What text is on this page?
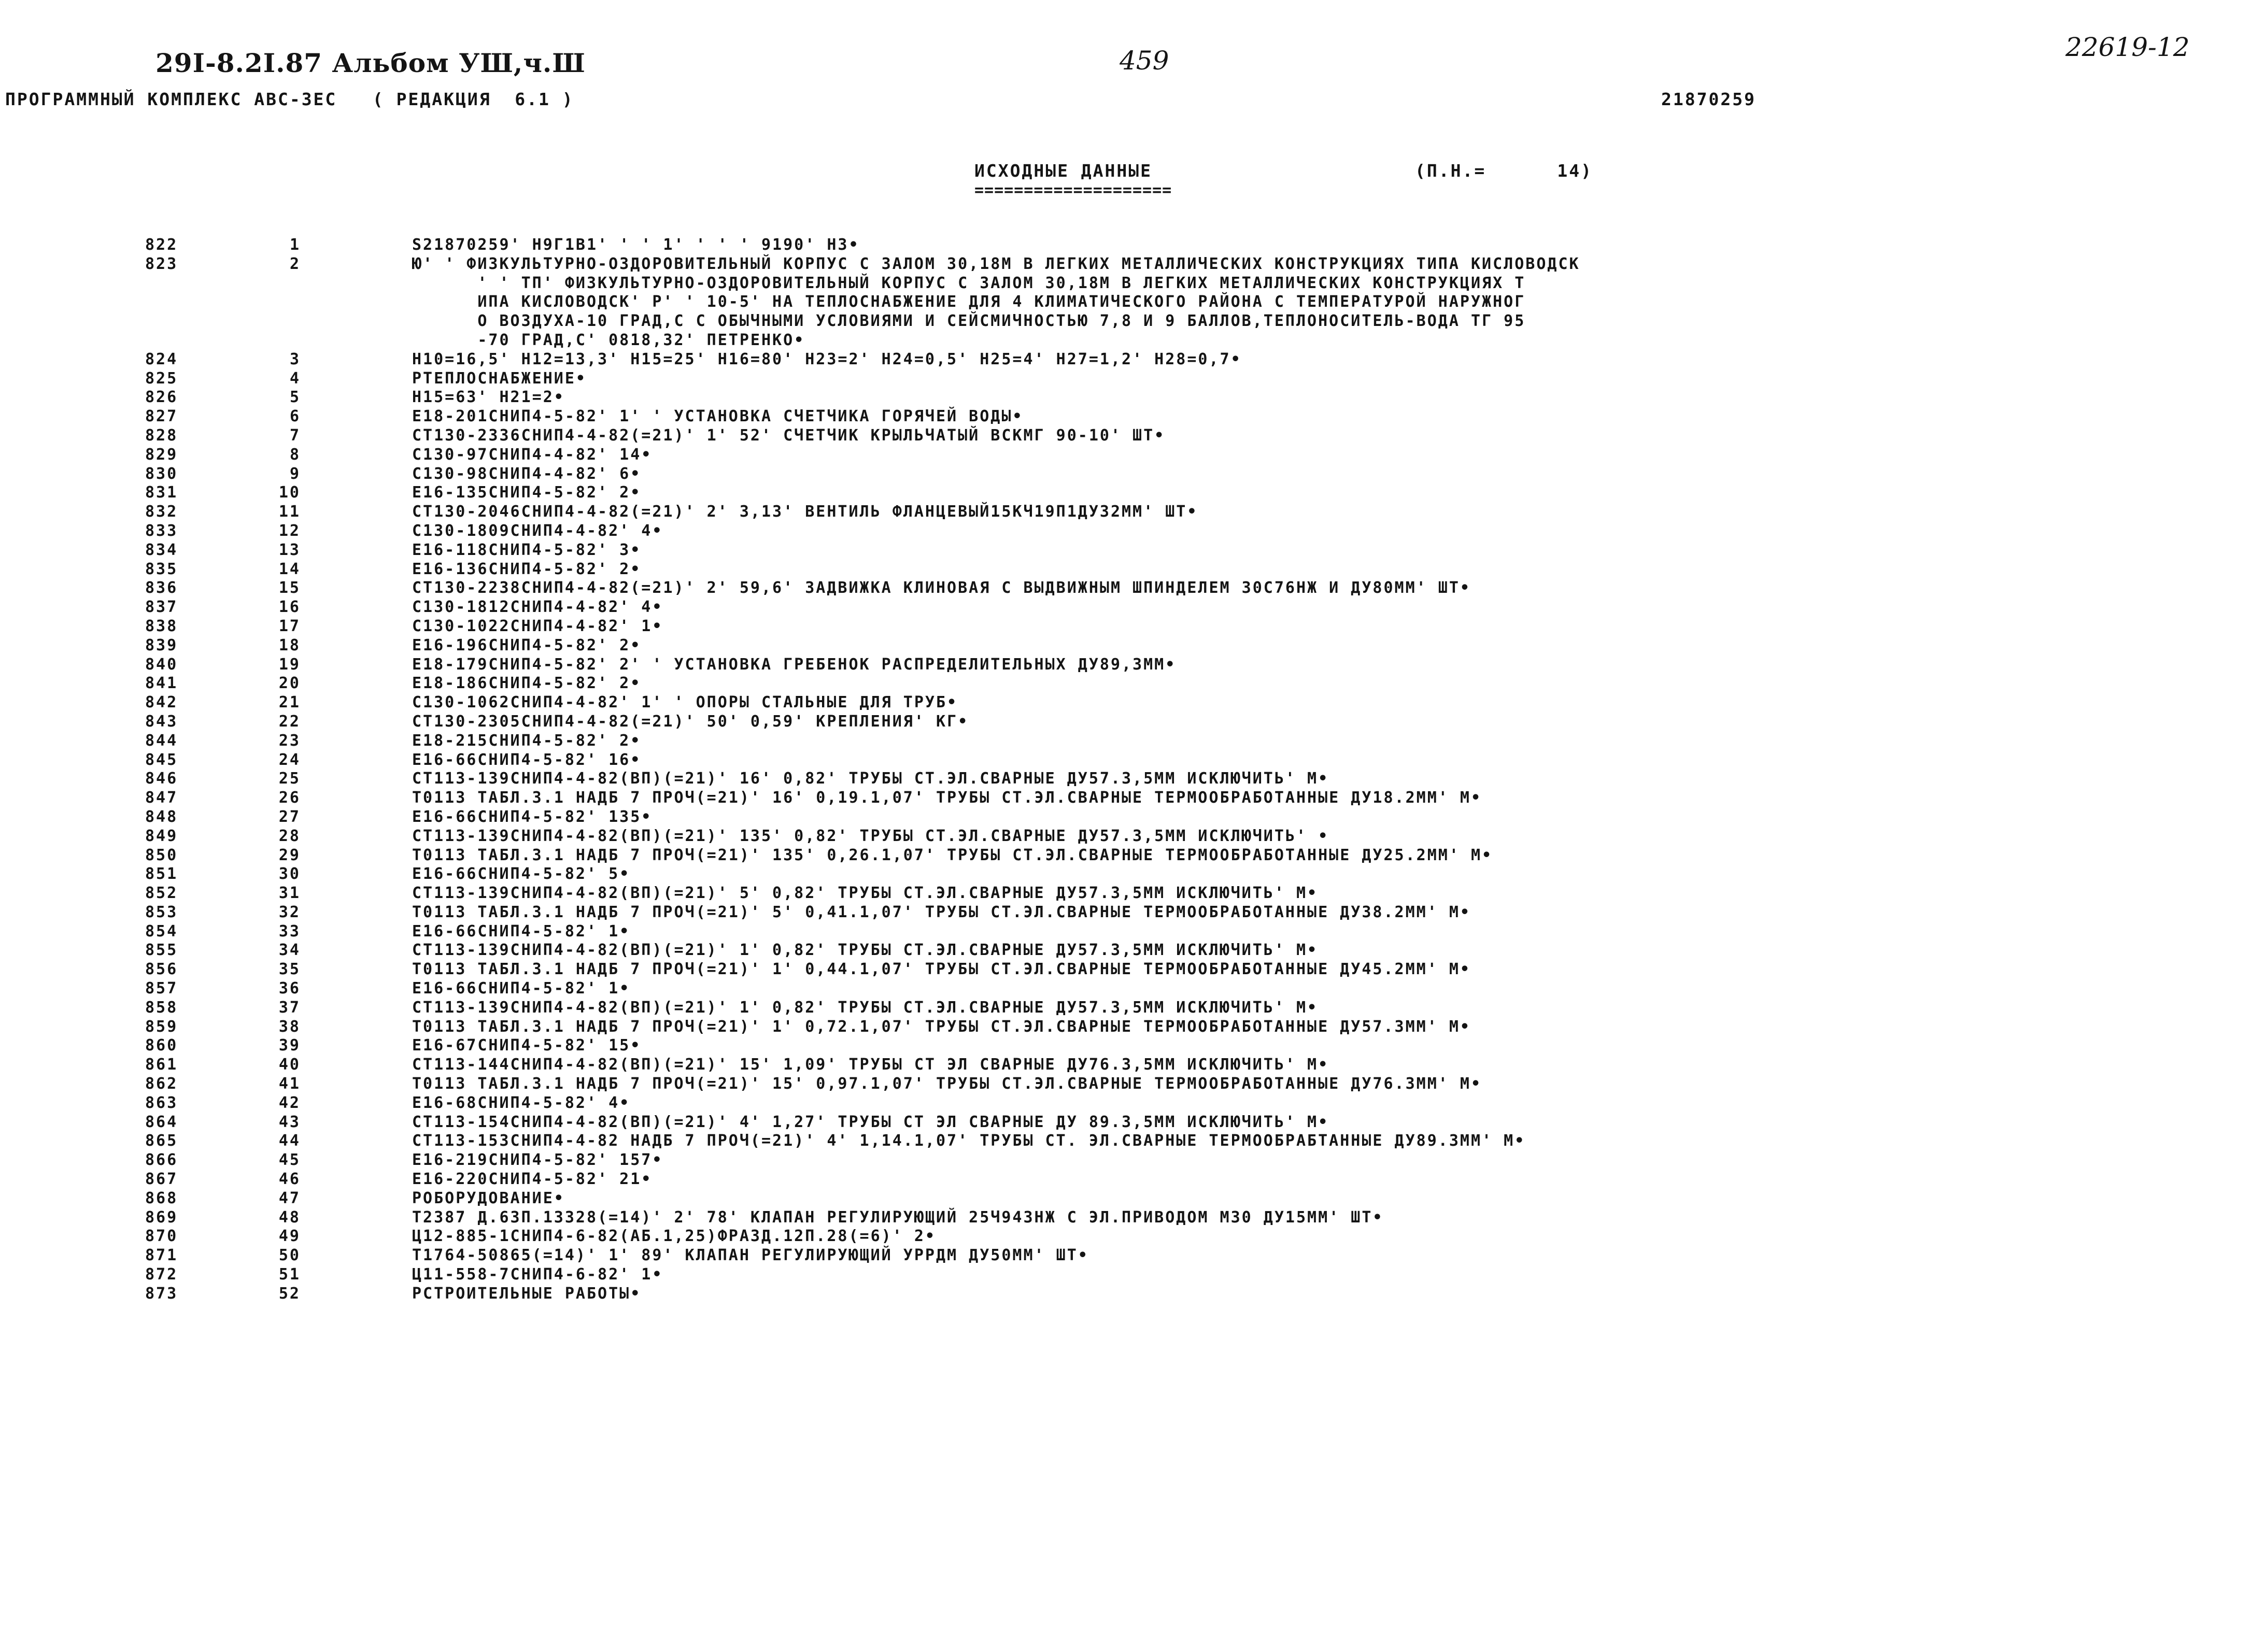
29I-8.2I.87 Альбом УШ,ч.Ш	459	22619-12
ПРОГРАММНЫЙ КОМПЛЕКС АВС-3ЕС   ( РЕДАКЦИЯ  6.1 )	21870259
ИСХОДНЫЕ ДАННЫЕ
====================
(П.Н.=      14)
822	1	S21870259' Н9Г1В1' ' ' 1' ' ' ' 9190' Н3•
823	2	Ю' ' ФИЗКУЛЬТУРНО-ОЗДОРОВИТЕЛЬНЫЙ КОРПУС С ЗАЛОМ 30,18М В ЛЕГКИХ МЕТАЛЛИЧЕСКИХ КОНСТРУКЦИЯХ ТИПА КИСЛОВОДСК
' ' ТП' ФИЗКУЛЬТУРНО-ОЗДОРОВИТЕЛЬНЫЙ КОРПУС С ЗАЛОМ 30,18М В ЛЕГКИХ МЕТАЛЛИЧЕСКИХ КОНСТРУКЦИЯХ Т
ИПА КИСЛОВОДСК' Р' ' 10-5' НА ТЕПЛОСНАБЖЕНИЕ ДЛЯ 4 КЛИМАТИЧЕСКОГО РАЙОНА С ТЕМПЕРАТУРОЙ НАРУЖНОГ
О ВОЗДУХА-10 ГРАД,С С ОБЫЧНЫМИ УСЛОВИЯМИ И СЕЙСМИЧНОСТЬЮ 7,8 И 9 БАЛЛОВ,ТЕПЛОНОСИТЕЛЬ-ВОДА ТГ 95
-70 ГРАД,С' 0818,32' ПЕТРЕНКО•
824	3	Н10=16,5' Н12=13,3' Н15=25' Н16=80' Н23=2' Н24=0,5' Н25=4' Н27=1,2' Н28=0,7•
825	4	РТЕПЛОСНАБЖЕНИЕ•
826	5	Н15=63' Н21=2•
827	6	Е18-201СНИП4-5-82' 1' ' УСТАНОВКА СЧЕТЧИКА ГОРЯЧЕЙ ВОДЫ•
828	7	СТ130-2336СНИП4-4-82(=21)' 1' 52' СЧЕТЧИК КРЫЛЬЧАТЫЙ ВСКМГ 90-10' ШТ•
829	8	С130-97СНИП4-4-82' 14•
830	9	С130-98СНИП4-4-82' 6•
831	10	Е16-135СНИП4-5-82' 2•
832	11	СТ130-2046СНИП4-4-82(=21)' 2' 3,13' ВЕНТИЛЬ ФЛАНЦЕВЫЙ15КЧ19П1ДУ32ММ' ШТ•
833	12	С130-1809СНИП4-4-82' 4•
834	13	Е16-118СНИП4-5-82' 3•
835	14	Е16-136СНИП4-5-82' 2•
836	15	СТ130-2238СНИП4-4-82(=21)' 2' 59,6' ЗАДВИЖКА КЛИНОВАЯ С ВЫДВИЖНЫМ ШПИНДЕЛЕМ 30С76НЖ И ДУ80ММ' ШТ•
837	16	С130-1812СНИП4-4-82' 4•
838	17	С130-1022СНИП4-4-82' 1•
839	18	Е16-196СНИП4-5-82' 2•
840	19	Е18-179СНИП4-5-82' 2' ' УСТАНОВКА ГРЕБЕНОК РАСПРЕДЕЛИТЕЛЬНЫХ ДУ89,3ММ•
841	20	Е18-186СНИП4-5-82' 2•
842	21	С130-1062СНИП4-4-82' 1' ' ОПОРЫ СТАЛЬНЫЕ ДЛЯ ТРУБ•
843	22	СТ130-2305СНИП4-4-82(=21)' 50' 0,59' КРЕПЛЕНИЯ' КГ•
844	23	Е18-215СНИП4-5-82' 2•
845	24	Е16-66СНИП4-5-82' 16•
846	25	СТ113-139СНИП4-4-82(ВП)(=21)' 16' 0,82' ТРУБЫ СТ.ЭЛ.СВАРНЫЕ ДУ57.3,5ММ ИСКЛЮЧИТЬ' М•
847	26	Т0113 ТАБЛ.3.1 НАДБ 7 ПРОЧ(=21)' 16' 0,19.1,07' ТРУБЫ СТ.ЭЛ.СВАРНЫЕ ТЕРМООБРАБОТАННЫЕ ДУ18.2ММ' М•
848	27	Е16-66СНИП4-5-82' 135•
849	28	СТ113-139СНИП4-4-82(ВП)(=21)' 135' 0,82' ТРУБЫ СТ.ЭЛ.СВАРНЫЕ ДУ57.3,5ММ ИСКЛЮЧИТЬ' •
850	29	Т0113 ТАБЛ.3.1 НАДБ 7 ПРОЧ(=21)' 135' 0,26.1,07' ТРУБЫ СТ.ЭЛ.СВАРНЫЕ ТЕРМООБРАБОТАННЫЕ ДУ25.2ММ' М•
851	30	Е16-66СНИП4-5-82' 5•
852	31	СТ113-139СНИП4-4-82(ВП)(=21)' 5' 0,82' ТРУБЫ СТ.ЭЛ.СВАРНЫЕ ДУ57.3,5ММ ИСКЛЮЧИТЬ' М•
853	32	Т0113 ТАБЛ.3.1 НАДБ 7 ПРОЧ(=21)' 5' 0,41.1,07' ТРУБЫ СТ.ЭЛ.СВАРНЫЕ ТЕРМООБРАБОТАННЫЕ ДУ38.2ММ' М•
854	33	Е16-66СНИП4-5-82' 1•
855	34	СТ113-139СНИП4-4-82(ВП)(=21)' 1' 0,82' ТРУБЫ СТ.ЭЛ.СВАРНЫЕ ДУ57.3,5ММ ИСКЛЮЧИТЬ' М•
856	35	Т0113 ТАБЛ.3.1 НАДБ 7 ПРОЧ(=21)' 1' 0,44.1,07' ТРУБЫ СТ.ЭЛ.СВАРНЫЕ ТЕРМООБРАБОТАННЫЕ ДУ45.2ММ' М•
857	36	Е16-66СНИП4-5-82' 1•
858	37	СТ113-139СНИП4-4-82(ВП)(=21)' 1' 0,82' ТРУБЫ СТ.ЭЛ.СВАРНЫЕ ДУ57.3,5ММ ИСКЛЮЧИТЬ' М•
859	38	Т0113 ТАБЛ.3.1 НАДБ 7 ПРОЧ(=21)' 1' 0,72.1,07' ТРУБЫ СТ.ЭЛ.СВАРНЫЕ ТЕРМООБРАБОТАННЫЕ ДУ57.3ММ' М•
860	39	Е16-67СНИП4-5-82' 15•
861	40	СТ113-144СНИП4-4-82(ВП)(=21)' 15' 1,09' ТРУБЫ СТ ЭЛ СВАРНЫЕ ДУ76.3,5ММ ИСКЛЮЧИТЬ' М•
862	41	Т0113 ТАБЛ.3.1 НАДБ 7 ПРОЧ(=21)' 15' 0,97.1,07' ТРУБЫ СТ.ЭЛ.СВАРНЫЕ ТЕРМООБРАБОТАННЫЕ ДУ76.3ММ' М•
863	42	Е16-68СНИП4-5-82' 4•
864	43	СТ113-154СНИП4-4-82(ВП)(=21)' 4' 1,27' ТРУБЫ СТ ЭЛ СВАРНЫЕ ДУ 89.3,5ММ ИСКЛЮЧИТЬ' М•
865	44	СТ113-153СНИП4-4-82 НАДБ 7 ПРОЧ(=21)' 4' 1,14.1,07' ТРУБЫ СТ. ЭЛ.СВАРНЫЕ ТЕРМООБРАБТАННЫЕ ДУ89.3ММ' М•
866	45	Е16-219СНИП4-5-82' 157•
867	46	Е16-220СНИП4-5-82' 21•
868	47	РОБОРУДОВАНИЕ•
869	48	Т2387 Д.63П.13328(=14)' 2' 78' КЛАПАН РЕГУЛИРУЮЩИЙ 25Ч943НЖ С ЭЛ.ПРИВОДОМ М30 ДУ15ММ' ШТ•
870	49	Ц12-885-1СНИП4-6-82(АБ.1,25)ФРАЗД.12П.28(=6)' 2•
871	50	Т1764-50865(=14)' 1' 89' КЛАПАН РЕГУЛИРУЮЩИЙ УРРДМ ДУ50ММ' ШТ•
872	51	Ц11-558-7СНИП4-6-82' 1•
873	52	РСТРОИТЕЛЬНЫЕ РАБОТЫ•
